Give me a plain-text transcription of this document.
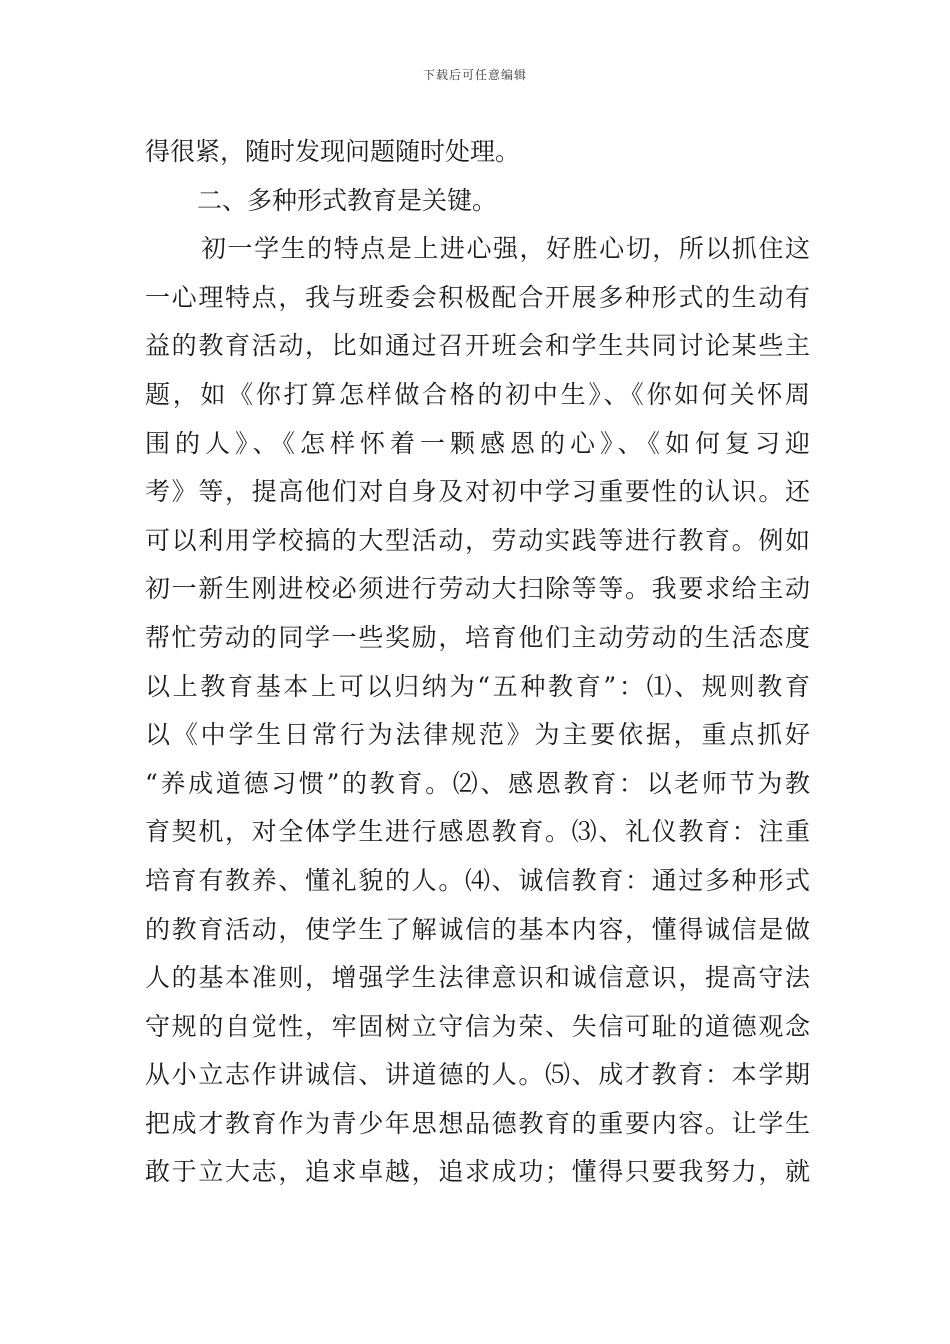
下载后可任意编辑
得很紧，随时发现问题随时处理。
二、多种形式教育是关键。
初一学生的特点是上进心强，好胜心切，所以抓住这
一心理特点，我与班委会积极配合开展多种形式的生动有
益的教育活动，比如通过召开班会和学生共同讨论某些主
题，如《你打算怎样做合格的初中生》、《你如何关怀周
围的人》、《怎样怀着一颗感恩的心》、《如何复习迎
考》等，提高他们对自身及对初中学习重要性的认识。还
可以利用学校搞的大型活动，劳动实践等进行教育。例如
初一新生刚进校必须进行劳动大扫除等等。我要求给主动
帮忙劳动的同学一些奖励，培育他们主动劳动的生活态度
以上教育基本上可以归纳为“五种教育”：⑴、规则教育
以《中学生日常行为法律规范》为主要依据，重点抓好
“养成道德习惯”的教育。⑵、感恩教育：以老师节为教
育契机，对全体学生进行感恩教育。⑶、礼仪教育：注重
培育有教养、懂礼貌的人。⑷、诚信教育：通过多种形式
的教育活动，使学生了解诚信的基本内容，懂得诚信是做
人的基本准则，增强学生法律意识和诚信意识，提高守法
守规的自觉性，牢固树立守信为荣、失信可耻的道德观念
从小立志作讲诚信、讲道德的人。⑸、成才教育：本学期
把成才教育作为青少年思想品德教育的重要内容。让学生
敢于立大志，追求卓越，追求成功；懂得只要我努力，就
